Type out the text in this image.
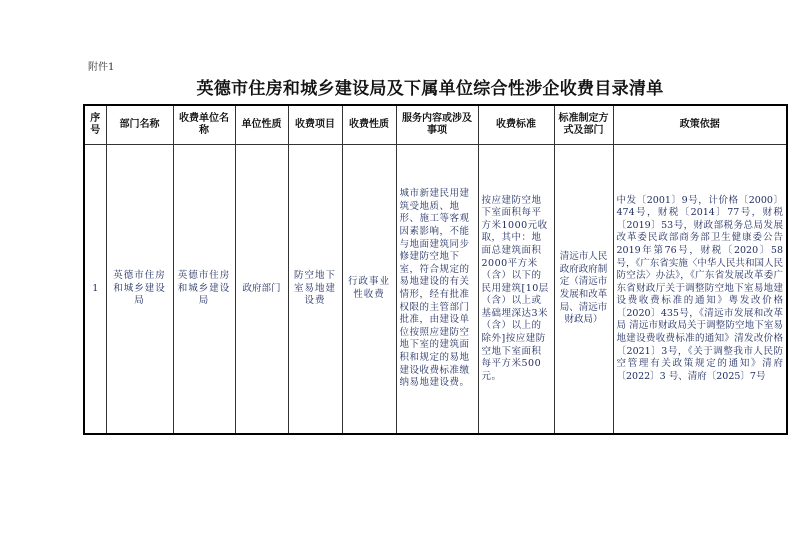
附件1
英德市住房和城乡建设局及下属单位综合性涉企收费目录清单
序号	部门名称	收费单位名称	单位性质	收费项目	收费性质	服务内容或涉及事项	收费标准	标准制定方式及部门	政策依据
1	英德市住房和城乡建设局	英德市住房和城乡建设局	政府部门	防空地下室易地建设费	行政事业性收费	城市新建民用建筑受地质、地形、施工等客观因素影响，不能与地面建筑同步修建防空地下室，符合规定的易地建设的有关情形，经有批准权限的主管部门批准，由建设单位按照应建防空地下室的建筑面积和规定的易地建设收费标准缴纳易地建设费。	按应建防空地下室面积每平方米1000元收取，其中：地面总建筑面积2000平方米（含）以下的民用建筑[10层（含）以上或基础埋深达3米（含）以上的除外]按应建防空地下室面积每平方米500元。	清远市人民政府政府制定（清远市发展和改革局、清远市财政局）	中发〔2001〕9号，计价格〔2000〕474号，财税〔2014〕77号，财税〔2019〕53号，财政部税务总局发展改革委民政部商务部卫生健康委公告2019年第76号，财税〔2020〕58号，《广东省实施〈中华人民共和国人民防空法〉办法》，《广东省发展改革委广东省财政厅关于调整防空地下室易地建设费收费标准的通知》粤发改价格〔2020〕435号，《清远市发展和改革局 清远市财政局关于调整防空地下室易地建设费收费标准的通知》清发改价格〔2021〕3号，《关于调整我市人民防空管理有关政策规定的通知》清府〔2022〕3 号、清府〔2025〕7号
